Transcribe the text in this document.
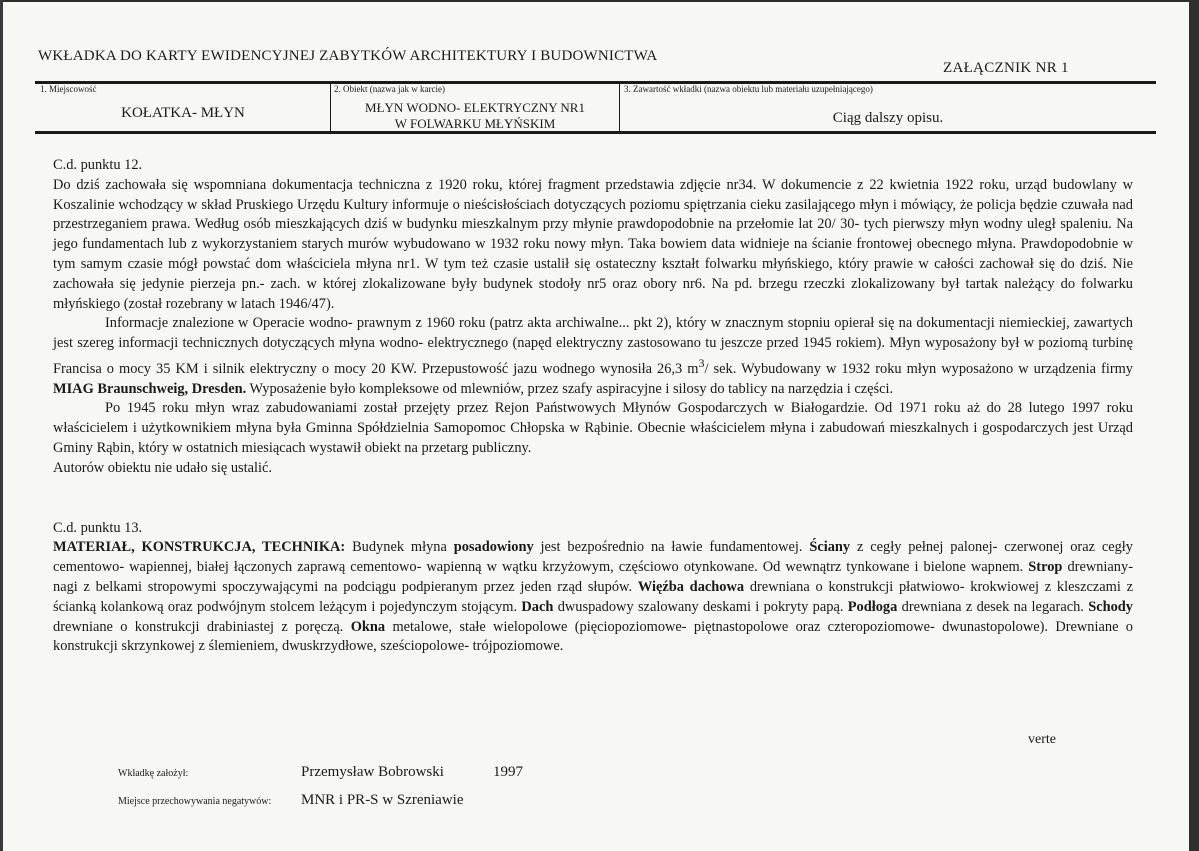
WKŁADKA DO KARTY EWIDENCYJNEJ ZABYTKÓW ARCHITEKTURY I BUDOWNICTWA
ZAŁĄCZNIK NR 1
1. Miejscowość
KOŁATKA- MŁYN
2. Obiekt (nazwa jak w karcie)
MŁYN WODNO- ELEKTRYCZNY NR1
W FOLWARKU MŁYŃSKIM
3. Zawartość wkładki (nazwa obiektu lub materiału uzupełniającego)
Ciąg dalszy opisu.

C.d. punktu 12.

Do dziś zachowała się wspomniana dokumentacja techniczna z 1920 roku, której fragment przedstawia zdjęcie nr34. W dokumencie z 22 kwietnia 1922 roku, urząd budowlany w Koszalinie wchodzący w skład Pruskiego Urzędu Kultury informuje o nieścisłościach dotyczących poziomu spiętrzania cieku zasilającego młyn i mówiący, że policja będzie czuwała nad przestrzeganiem prawa. Według osób mieszkających dziś w budynku mieszkalnym przy młynie prawdopodobnie na przełomie lat 20/ 30- tych pierwszy młyn wodny uległ spaleniu. Na jego fundamentach lub z wykorzystaniem starych murów wybudowano w 1932 roku nowy młyn. Taka bowiem data widnieje na ścianie frontowej obecnego młyna. Prawdopodobnie w tym samym czasie mógł powstać dom właściciela młyna nr1. W tym też czasie ustalił się ostateczny kształt folwarku młyńskiego, który prawie w całości zachował się do dziś. Nie zachowała się jedynie pierzeja pn.- zach. w której zlokalizowane były budynek stodoły nr5 oraz obory nr6. Na pd. brzegu rzeczki zlokalizowany był tartak należący do folwarku młyńskiego (został rozebrany w latach 1946/47).

Informacje znalezione w Operacie wodno- prawnym z 1960 roku (patrz akta archiwalne... pkt 2), który w znacznym stopniu opierał się na dokumentacji niemieckiej, zawartych jest szereg informacji technicznych dotyczących młyna wodno- elektrycznego (napęd elektryczny zastosowano tu jeszcze przed 1945 rokiem). Młyn wyposażony był w poziomą turbinę Francisa o mocy 35 KM i silnik elektryczny o mocy 20 KW. Przepustowość jazu wodnego wynosiła 26,3 $m^3/$ sek. Wybudowany w 1932 roku młyn wyposażono w urządzenia firmy MIAG Braunschweig, Dresden. Wyposażenie było kompleksowe od mlewniów, przez szafy aspiracyjne i silosy do tablicy na narzędzia i części.

Po 1945 roku młyn wraz zabudowaniami został przejęty przez Rejon Państwowych Młynów Gospodarczych w Białogardzie. Od 1971 roku aż do 28 lutego 1997 roku właścicielem i użytkownikiem młyna była Gminna Spółdzielnia Samopomoc Chłopska w Rąbinie. Obecnie właścicielem młyna i zabudowań mieszkalnych i gospodarczych jest Urząd Gminy Rąbin, który w ostatnich miesiącach wystawił obiekt na przetarg publiczny.

Autorów obiektu nie udało się ustalić.

C.d. punktu 13.

MATERIAŁ, KONSTRUKCJA, TECHNIKA: Budynek młyna posadowiony jest bezpośrednio na ławie fundamentowej. Ściany z cegły pełnej palonej- czerwonej oraz cegły cementowo- wapiennej, białej łączonych zaprawą cementowo- wapienną w wątku krzyżowym, częściowo otynkowane. Od wewnątrz tynkowane i bielone wapnem. Strop drewniany- nagi z belkami stropowymi spoczywającymi na podciągu podpieranym przez jeden rząd słupów. Więźba dachowa drewniana o konstrukcji płatwiowo- krokwiowej z kleszczami z ścianką kolankową oraz podwójnym stolcem leżącym i pojedynczym stojącym. Dach dwuspadowy szalowany deskami i pokryty papą. Podłoga drewniana z desek na legarach. Schody drewniane o konstrukcji drabiniastej z poręczą. Okna metalowe, stałe wielopolowe (pięciopoziomowe- piętnastopolowe oraz czteropoziomowe- dwunastopolowe). Drewniane o konstrukcji skrzynkowej z ślemieniem, dwuskrzydłowe, sześciopolowe- trójpoziomowe.

verte
Wkładkę założył:	Przemysław Bobrowski	1997
Miejsce przechowywania negatywów: MNR i PR-S w Szreniawie
